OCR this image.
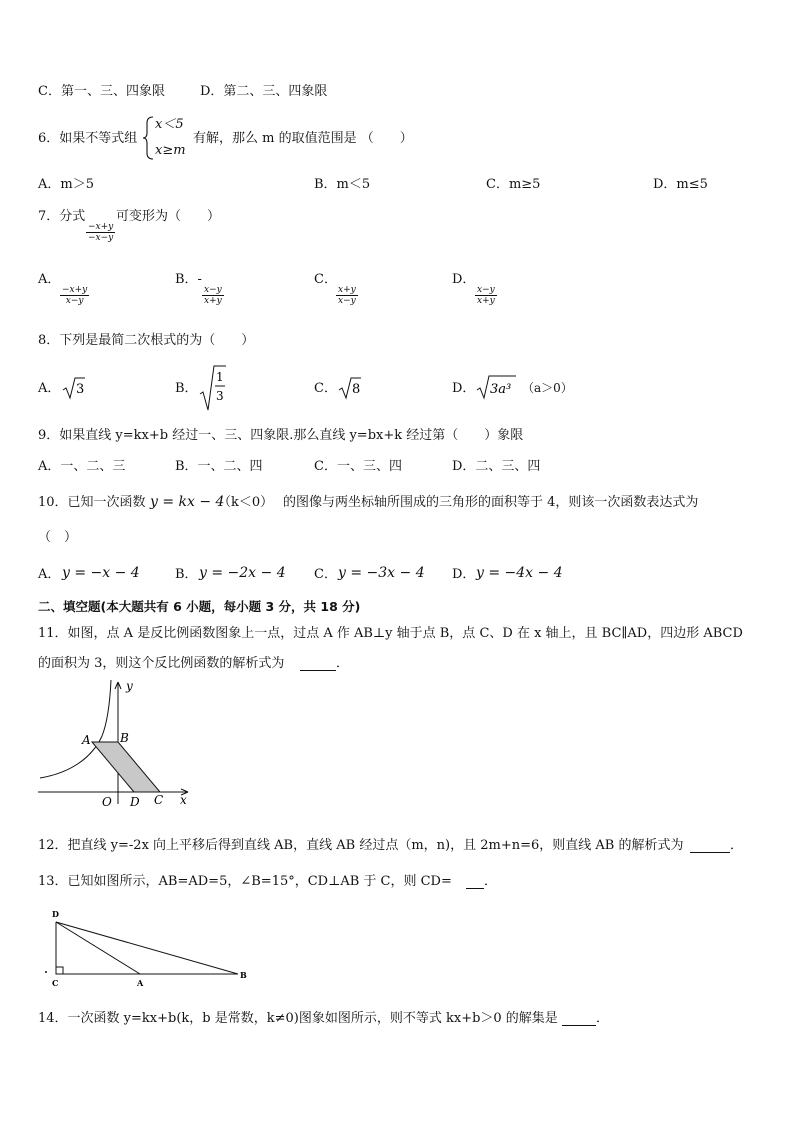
C．第一、三、四象限	D．第二、三、四象限
6．如果不等式组
x＜5
x≥m
有解，那么 m 的取值范围是 （　　）
A．m＞5	B．m＜5	C．m≥5	D．m≤5
7．分式
$\frac{-x+y}{-x-y}$
可变形为（　　）
A．
$\frac{-x+y}{x-y}$
B．-
$\frac{x-y}{x+y}$
C．
$\frac{x+y}{x-y}$
D．
$\frac{x-y}{x+y}$
8．下列是最简二次根式的为（　　）
A． 3	B．
1
3	C． 8	D． 3a³ （a＞0）
9．如果直线 y=kx+b 经过一、三、四象限.那么直线 y=bx+k 经过第（　　）象限
A．一、二、三	B．一、二、四	C．一、三、四	D．二、三、四
10．已知一次函数 y = kx − 4
（k＜0） 的图像与两坐标轴所围成的三角形的面积等于 4，则该一次函数表达式为
（　）
A． y = −x − 4	B． y = −2x − 4 C． y = −3x − 4 D． y = −4x − 4
二、填空题(本大题共有 6 小题，每小题 3 分，共 18 分)
11．如图，点 A 是反比例函数图象上一点，过点 A 作 AB⊥y 轴于点 B，点 C、D 在 x 轴上，且 BC∥AD，四边形 ABCD
的面积为 3，则这个反比例函数的解析式为	．
y
x
A B
O D C
12．把直线 y=-2x 向上平移后得到直线 AB，直线 AB 经过点（m，n)，且 2m+n=6，则直线 AB 的解析式为	．
13．已知如图所示，AB=AD=5，∠B=15°，CD⊥AB 于 C，则 CD= ．
D
C	A
B
14．一次函数 y=kx+b(k，b 是常数，k≠0)图象如图所示，则不等式 kx+b＞0 的解集是	．
